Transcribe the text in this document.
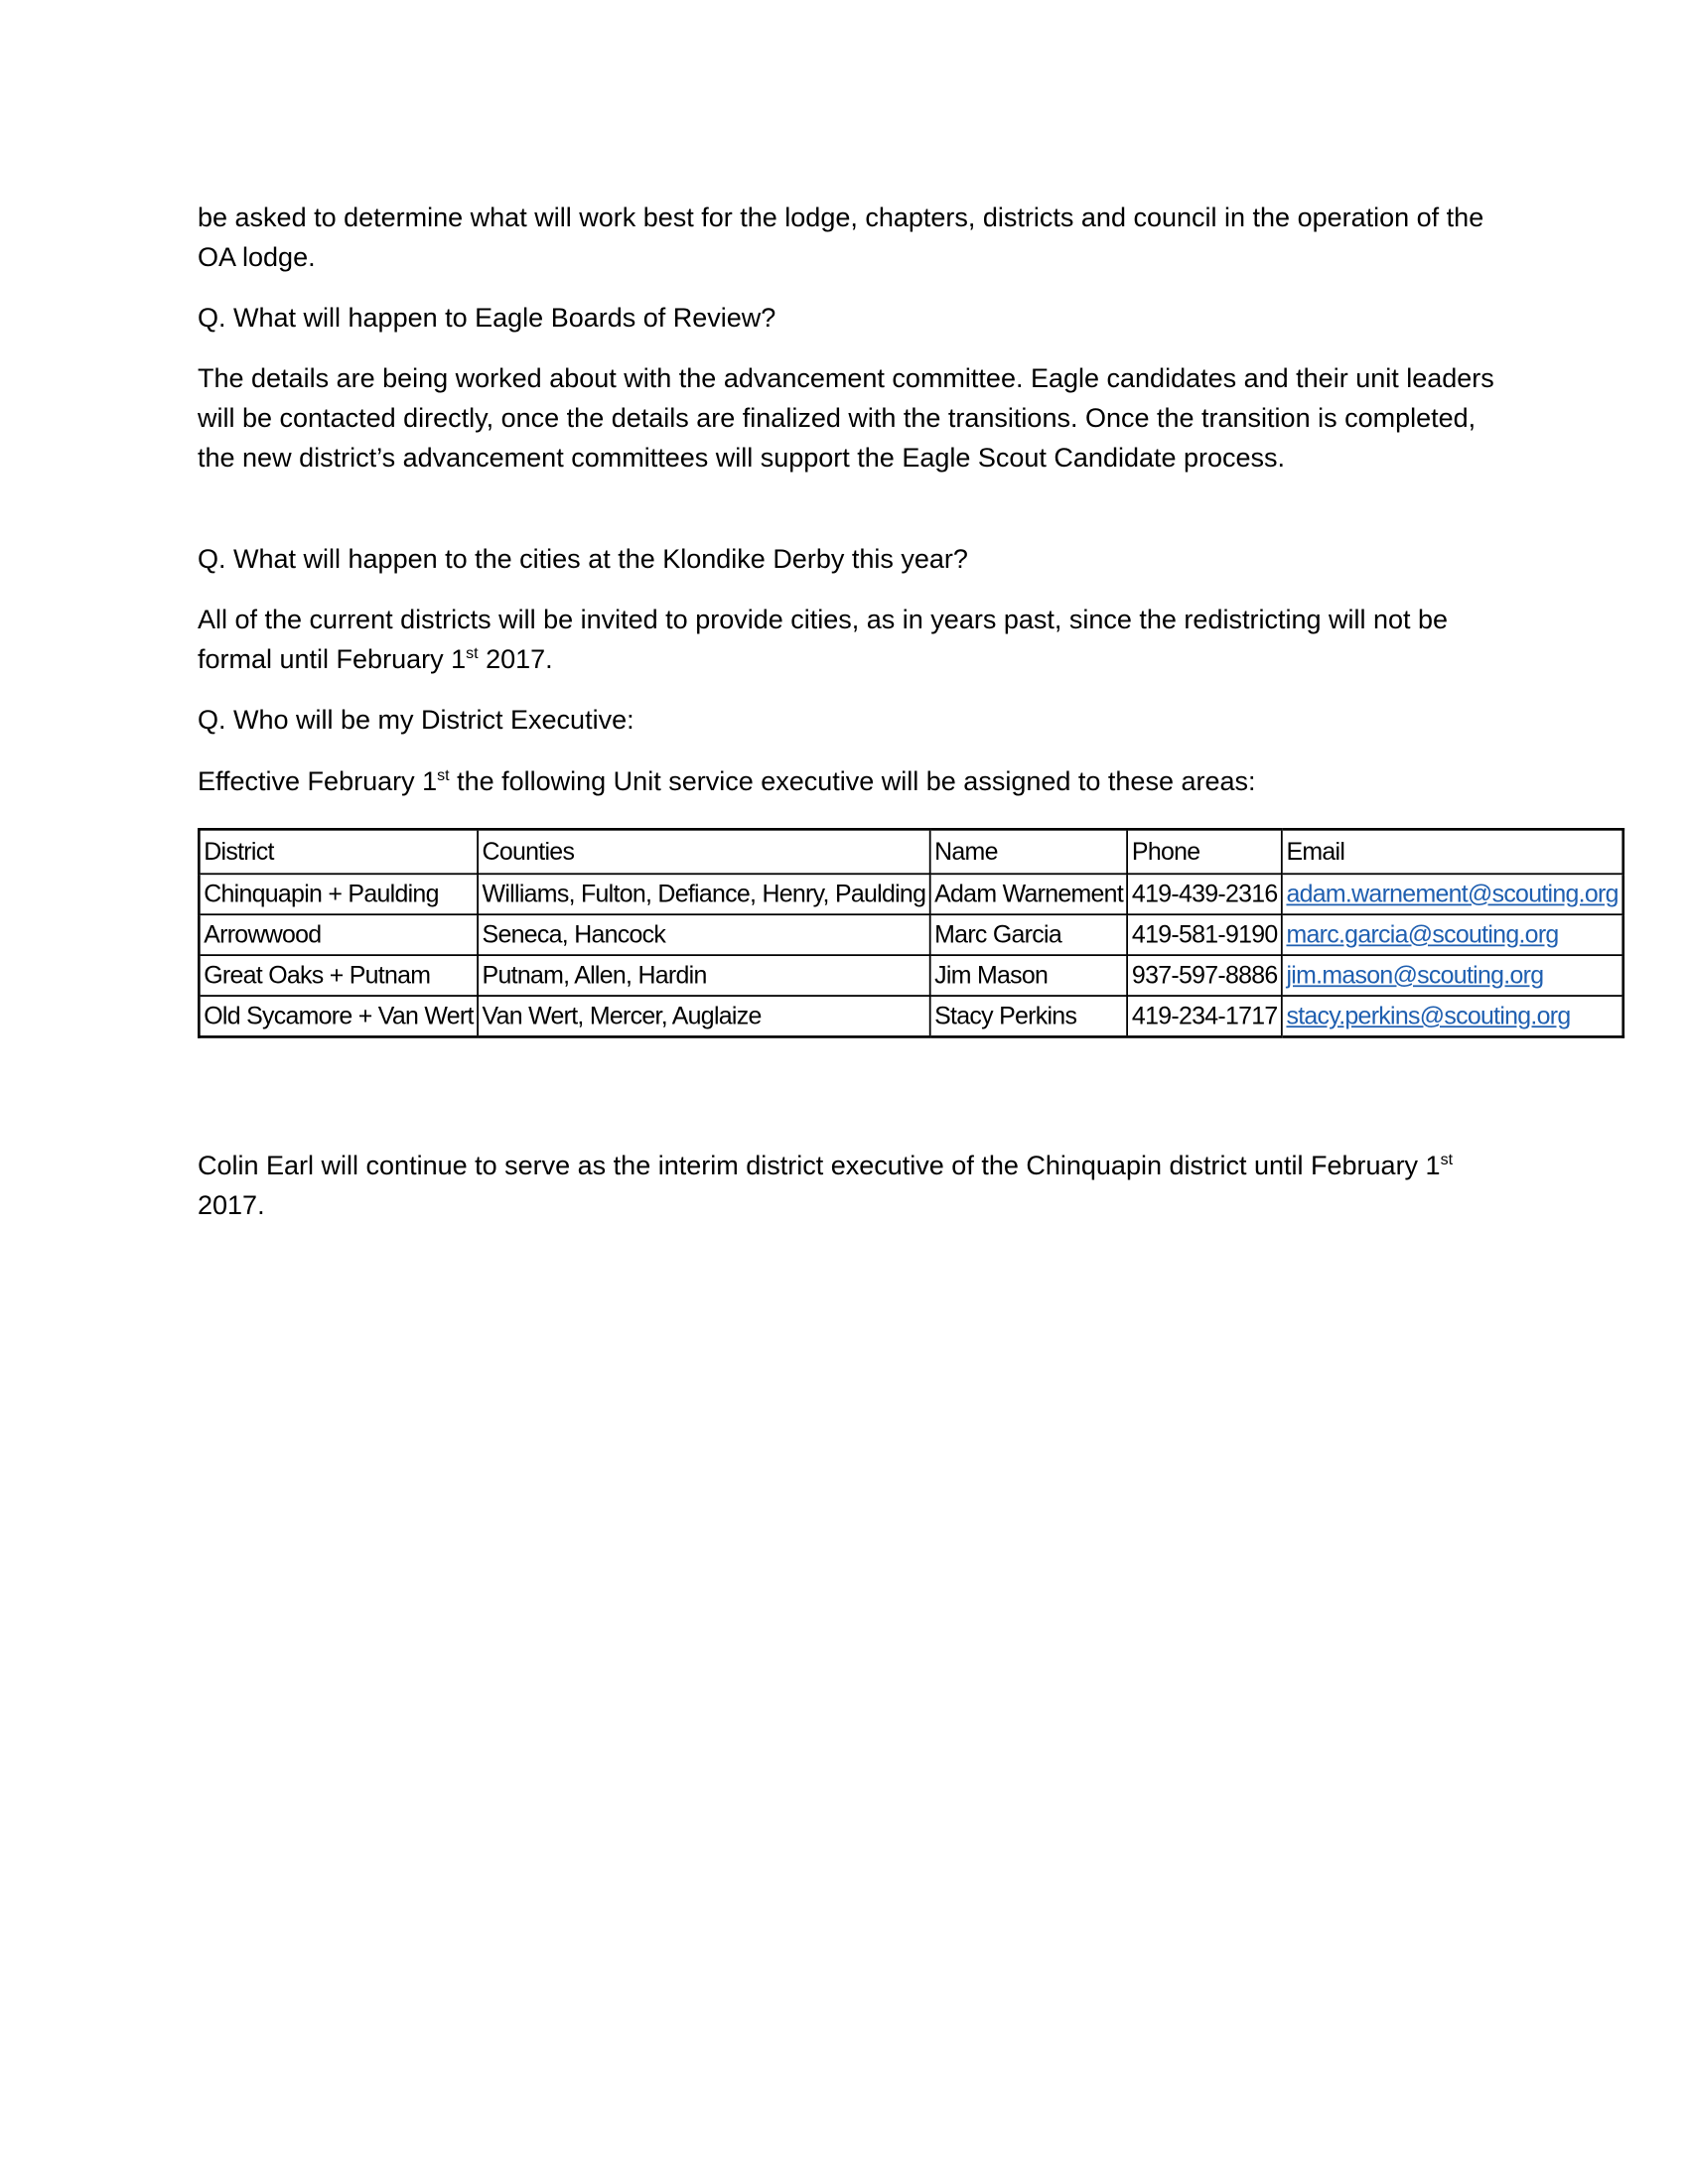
be asked to determine what will work best for the lodge, chapters, districts and council in the operation of the OA lodge.

Q. What will happen to Eagle Boards of Review?

The details are being worked about with the advancement committee. Eagle candidates and their unit leaders will be contacted directly, once the details are finalized with the transitions. Once the transition is completed, the new district’s advancement committees will support the Eagle Scout Candidate process.

Q. What will happen to the cities at the Klondike Derby this year?

All of the current districts will be invited to provide cities, as in years past, since the redistricting will not be formal until February 1st 2017.

Q. Who will be my District Executive:

Effective February 1st the following Unit service executive will be assigned to these areas:

District	Counties	Name	Phone	Email
Chinquapin + Paulding	Williams, Fulton, Defiance, Henry, Paulding	Adam Warnement	419-439-2316	adam.warnement@scouting.org
Arrowwood	Seneca, Hancock	Marc Garcia	419-581-9190	marc.garcia@scouting.org
Great Oaks + Putnam	Putnam, Allen, Hardin	Jim Mason	937-597-8886	jim.mason@scouting.org
Old Sycamore + Van Wert	Van Wert, Mercer, Auglaize	Stacy Perkins	419-234-1717	stacy.perkins@scouting.org

Colin Earl will continue to serve as the interim district executive of the Chinquapin district until February 1st 2017.
